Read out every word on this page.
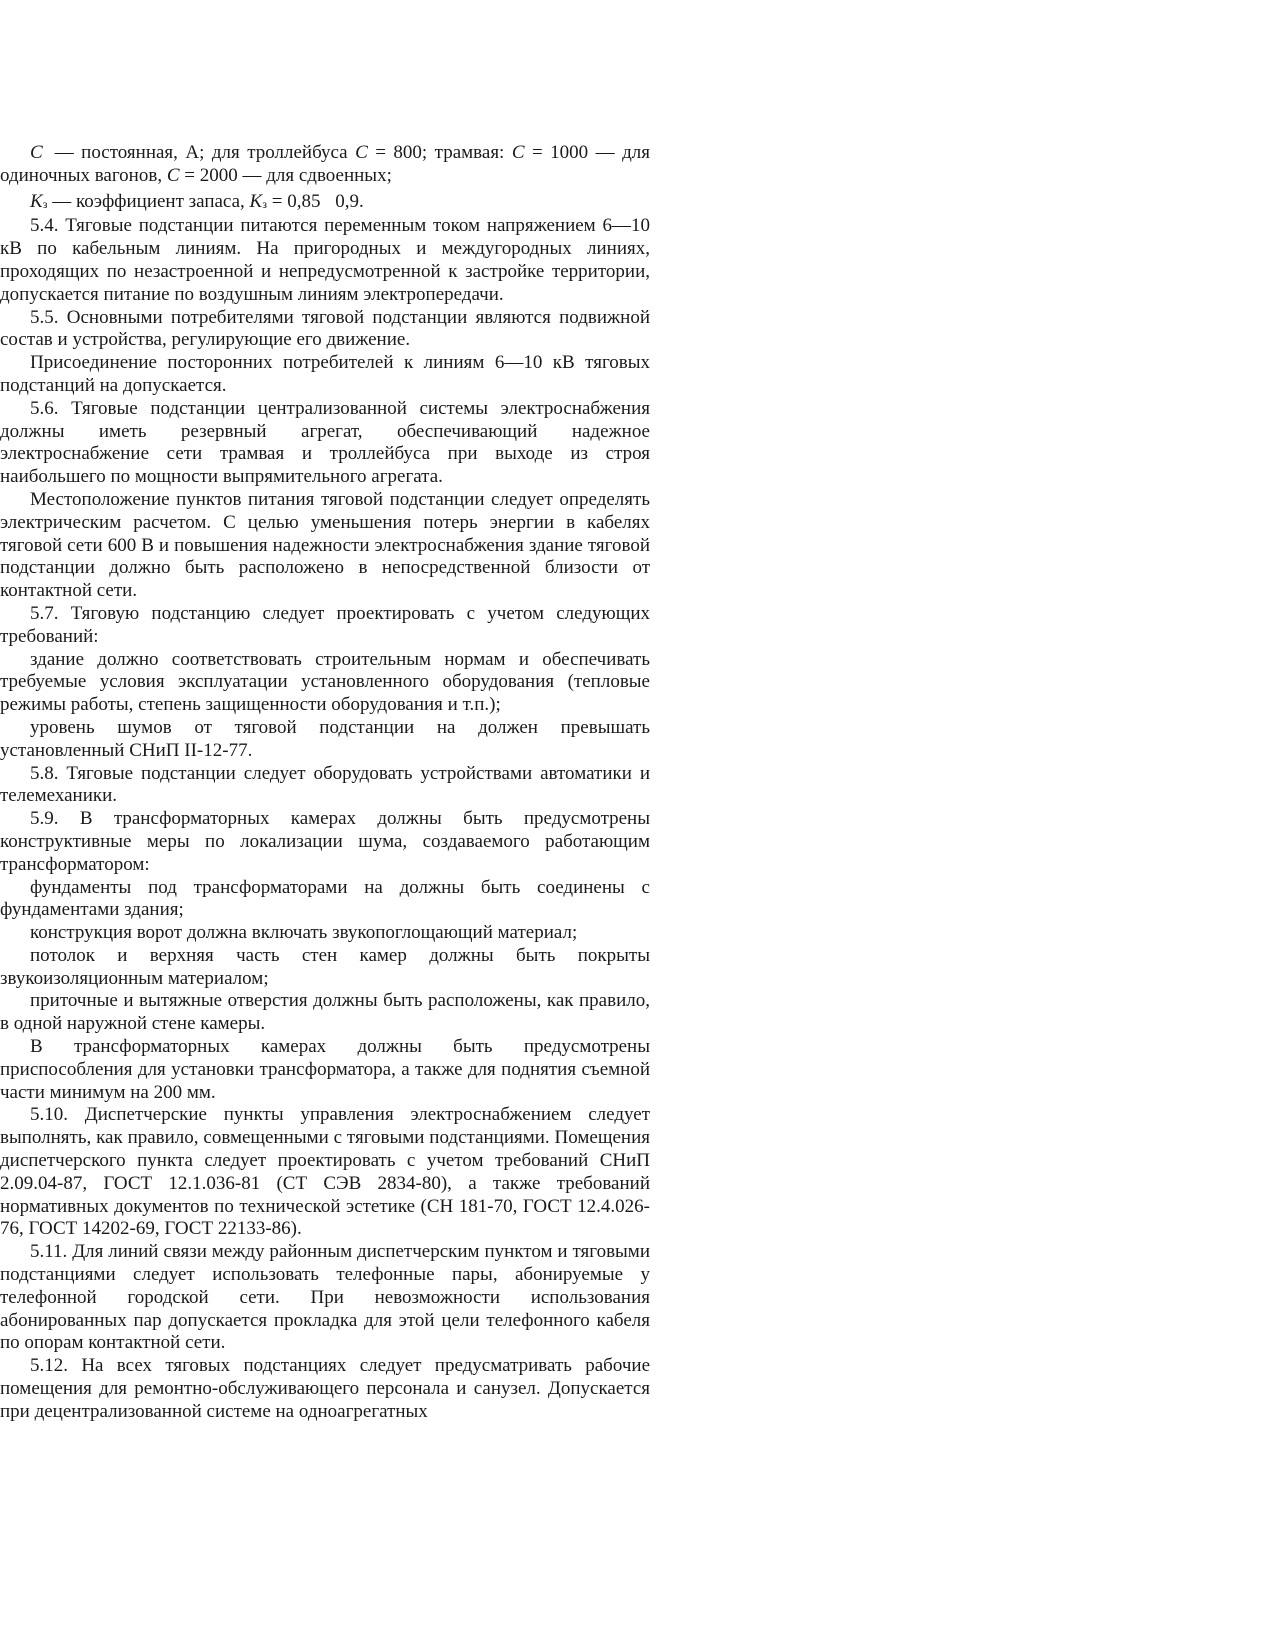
C — постоянная, А; для троллейбуса C = 800; трамвая: C = 1000 — для одиночных вагонов, C = 2000 — для сдвоенных;

Kз — коэффициент запаса, Kз = 0,85 0,9.

5.4. Тяговые подстанции питаются переменным током напряжением 6—10 кВ по кабельным линиям. На пригородных и междугородных линиях, проходящих по незастроенной и непредусмотренной к застройке территории, допускается питание по воздушным линиям электропередачи.

5.5. Основными потребителями тяговой подстанции являются подвижной состав и устройства, регулирующие его движение.

Присоединение посторонних потребителей к линиям 6—10 кВ тяговых подстанций на допускается.

5.6. Тяговые подстанции централизованной системы электроснабжения должны иметь резервный агрегат, обеспечивающий надежное электроснабжение сети трамвая и троллейбуса при выходе из строя наибольшего по мощности выпрямительного агрегата.

Местоположение пунктов питания тяговой подстанции следует определять электрическим расчетом. С целью уменьшения потерь энергии в кабелях тяговой сети 600 В и повышения надежности электроснабжения здание тяговой подстанции должно быть расположено в непосредственной близости от контактной сети.

5.7. Тяговую подстанцию следует проектировать с учетом следующих требований:

здание должно соответствовать строительным нормам и обеспечивать требуемые условия эксплуатации установленного оборудования (тепловые режимы работы, степень защищенности оборудования и т.п.);

уровень шумов от тяговой подстанции на должен превышать установленный СНиП II-12-77.

5.8. Тяговые подстанции следует оборудовать устройствами автоматики и телемеханики.

5.9. В трансформаторных камерах должны быть предусмотрены конструктивные меры по локализации шума, создаваемого работающим трансформатором:

фундаменты под трансформаторами на должны быть соединены с фундаментами здания;

конструкция ворот должна включать звукопоглощающий материал;

потолок и верхняя часть стен камер должны быть покрыты звукоизоляционным материалом;

приточные и вытяжные отверстия должны быть расположены, как правило, в одной наружной стене камеры.

В трансформаторных камерах должны быть предусмотрены приспособления для установки трансформатора, а также для поднятия съемной части минимум на 200 мм.

5.10. Диспетчерские пункты управления электроснабжением следует выполнять, как правило, совмещенными с тяговыми подстанциями. Помещения диспетчерского пункта следует проектировать с учетом требований СНиП 2.09.04-87, ГОСТ 12.1.036-81 (СТ СЭВ 2834-80), а также требований нормативных документов по технической эстетике (СН 181-70, ГОСТ 12.4.026-76, ГОСТ 14202-69, ГОСТ 22133-86).

5.11. Для линий связи между районным диспетчерским пунктом и тяговыми подстанциями следует использовать телефонные пары, абонируемые у телефонной городской сети. При невозможности использования абонированных пар допускается прокладка для этой цели телефонного кабеля по опорам контактной сети.

5.12. На всех тяговых подстанциях следует предусматривать рабочие помещения для ремонтно-обслуживающего персонала и санузел. Допускается при децентрализованной системе на одноагрегатных
